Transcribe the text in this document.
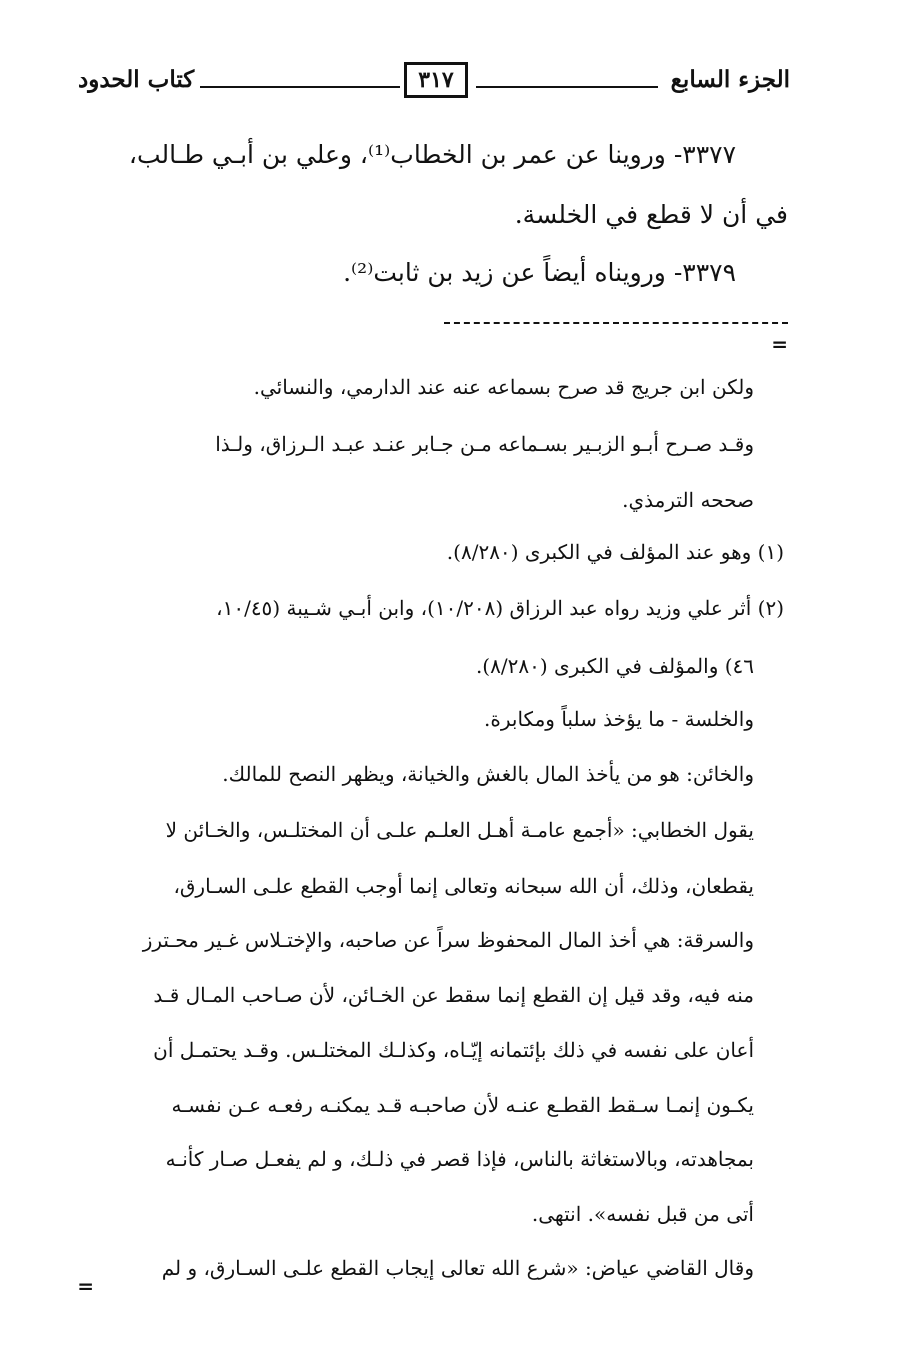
الجزء السابع
٣١٧
كتاب الحدود

٣٣٧٧- وروينا عن عمر بن الخطاب⁽¹⁾، وعلي بن أبـي طـالب،

في أن لا قطع في الخلسة.

٣٣٧٩- ورويناه أيضاً عن زيد بن ثابت⁽²⁾.

=

ولكن ابن جريج قد صرح بسماعه عنه عند الدارمي، والنسائي.

وقـد صـرح أبـو الزبـير بسـماعه مـن جـابر عنـد عبـد الـرزاق، ولـذا

صححه الترمذي.

(١) وهو عند المؤلف في الكبرى (٨/٢٨٠).

(٢) أثر علي وزيد رواه عبد الرزاق (١٠/٢٠٨)، وابن أبـي شـيبة (١٠/٤٥،

٤٦) والمؤلف في الكبرى (٨/٢٨٠).

والخلسة - ما يؤخذ سلباً ومكابرة.

والخائن: هو من يأخذ المال بالغش والخيانة، ويظهر النصح للمالك.

يقول الخطابي: «أجمع عامـة أهـل العلـم علـى أن المختلـس، والخـائن لا

يقطعان، وذلك، أن الله سبحانه وتعالى إنما أوجب القطع علـى السـارق،

والسرقة: هي أخذ المال المحفوظ سراً عن صاحبه، والإختـلاس غـير محـترز

منه فيه، وقد قيل إن القطع إنما سقط عن الخـائن، لأن صـاحب المـال قـد

أعان على نفسه في ذلك بإئتمانه إيّـاه، وكذلـك المختلـس. وقـد يحتمـل أن

يكـون إنمـا سـقط القطـع عنـه لأن صاحبـه قـد يمكنـه رفعـه عـن نفسـه

بمجاهدته، وبالاستغاثة بالناس، فإذا قصر في ذلـك، و لم يفعـل صـار كأنـه

أتى من قبل نفسه». انتهى.

وقال القاضي عياض: «شرع الله تعالى إيجاب القطع علـى السـارق، و لم

=
